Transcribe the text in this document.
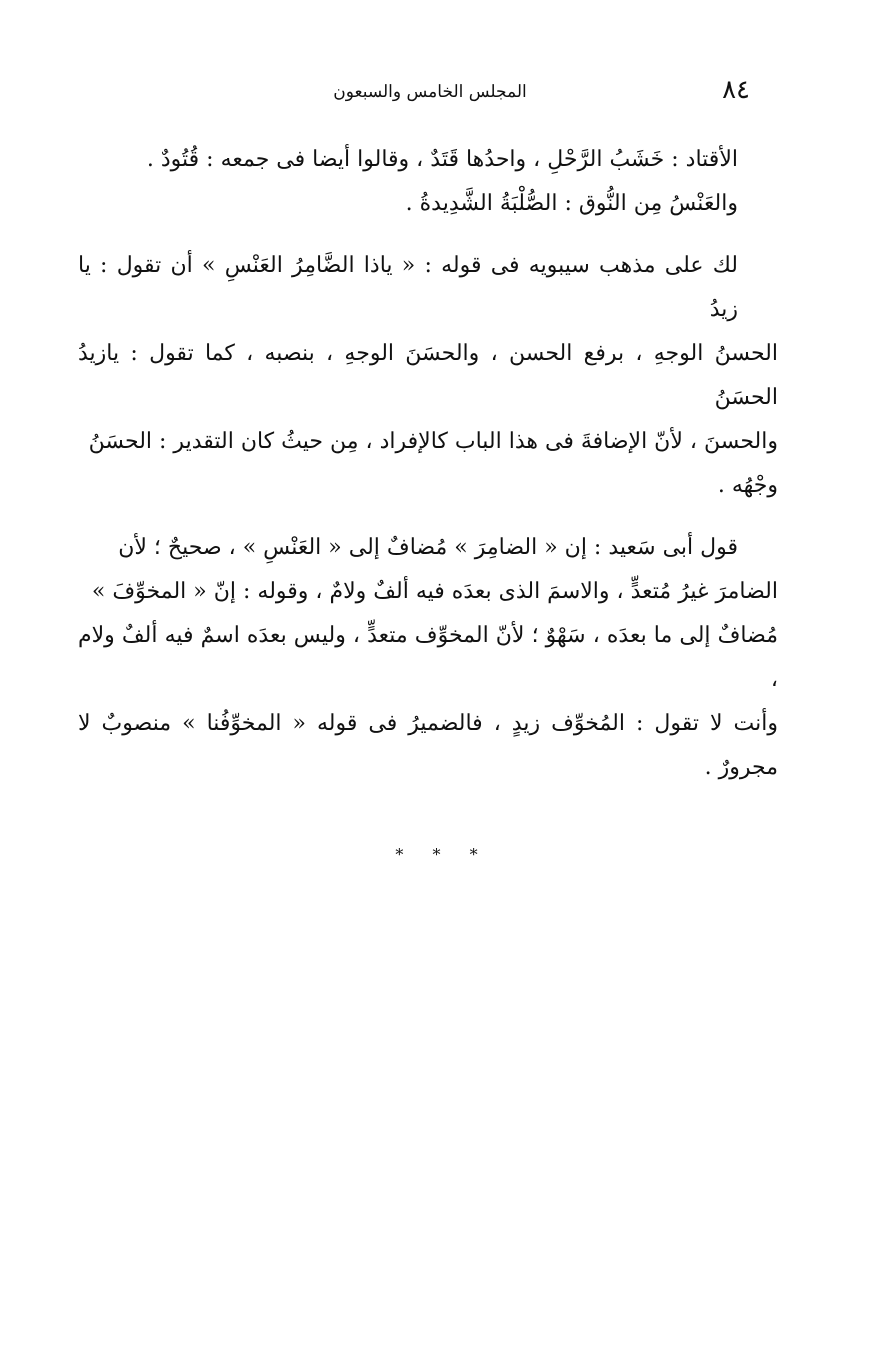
٨٤
المجلس الخامس والسبعون
الأقتاد : خَشَبُ الرَّحْلِ ، واحدُها قَتَدٌ ، وقالوا أيضا فى جمعه : قُتُودٌ .
والعَنْسُ مِن النُّوق : الصُّلْبَةُ الشَّدِيدةُ .
لك على مذهب سيبويه فى قوله : « ياذا الضَّامِرُ العَنْسِ » أن تقول : يا زيدُ
الحسنُ الوجهِ ، برفع الحسن ، والحسَنَ الوجهِ ، بنصبه ، كما تقول : يازيدُ الحسَنُ
والحسنَ ، لأنّ الإضافةَ فى هذا الباب كالإفراد ، مِن حيثُ كان التقدير : الحسَنُ
وجْهُه .
قول أبى سَعيد : إن « الضامِرَ » مُضافٌ إلى « العَنْسِ » ، صحيحٌ ؛ لأن
الضامرَ غيرُ مُتعدٍّ ، والاسمَ الذى بعدَه فيه ألفٌ ولامٌ ، وقوله : إنّ « المخوِّفَ »
مُضافٌ إلى ما بعدَه ، سَهْوٌ ؛ لأنّ المخوِّف متعدٍّ ، وليس بعدَه اسمٌ فيه ألفٌ ولام ،
وأنت لا تقول : المُخوِّف زيدٍ ، فالضميرُ فى قوله « المخوِّفُنا » منصوبٌ لا مجرورٌ .
* * *
